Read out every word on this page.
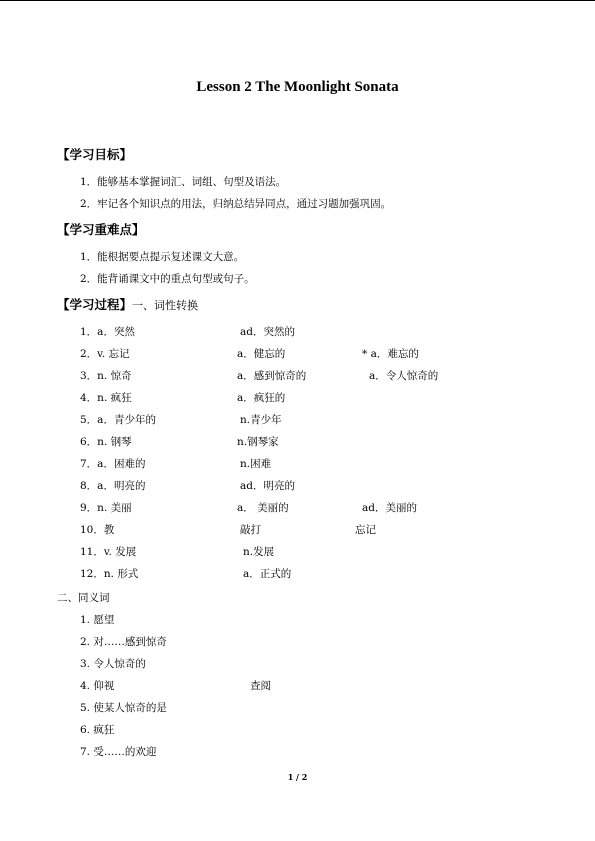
Lesson 2 The Moonlight Sonata
【学习目标】
1．能够基本掌握词汇、词组、句型及语法。
2．牢记各个知识点的用法，归纳总结异同点，通过习题加强巩固。
【学习重难点】
1．能根据要点提示复述课文大意。
2．能背诵课文中的重点句型或句子。
【学习过程】一、词性转换
1．a．突然	ad．突然的
2．v. 忘记	a．健忘的	* a．难忘的
3．n. 惊奇	a．感到惊奇的	a．令人惊奇的
4．n. 疯狂	a．疯狂的
5．a．青少年的	n.青少年
6．n. 钢琴	n.钢琴家
7．a．困难的	n.困难
8．a．明亮的	ad．明亮的
9．n. 美丽	a． 美丽的	ad．美丽的
10．教	敲打	忘记
11．v. 发展	n.发展
12．n. 形式	a．正式的
二、同义词
1. 愿望
2. 对……感到惊奇
3. 令人惊奇的
4. 仰视	查阅
5. 使某人惊奇的是
6. 疯狂
7. 受……的欢迎
1 / 2
